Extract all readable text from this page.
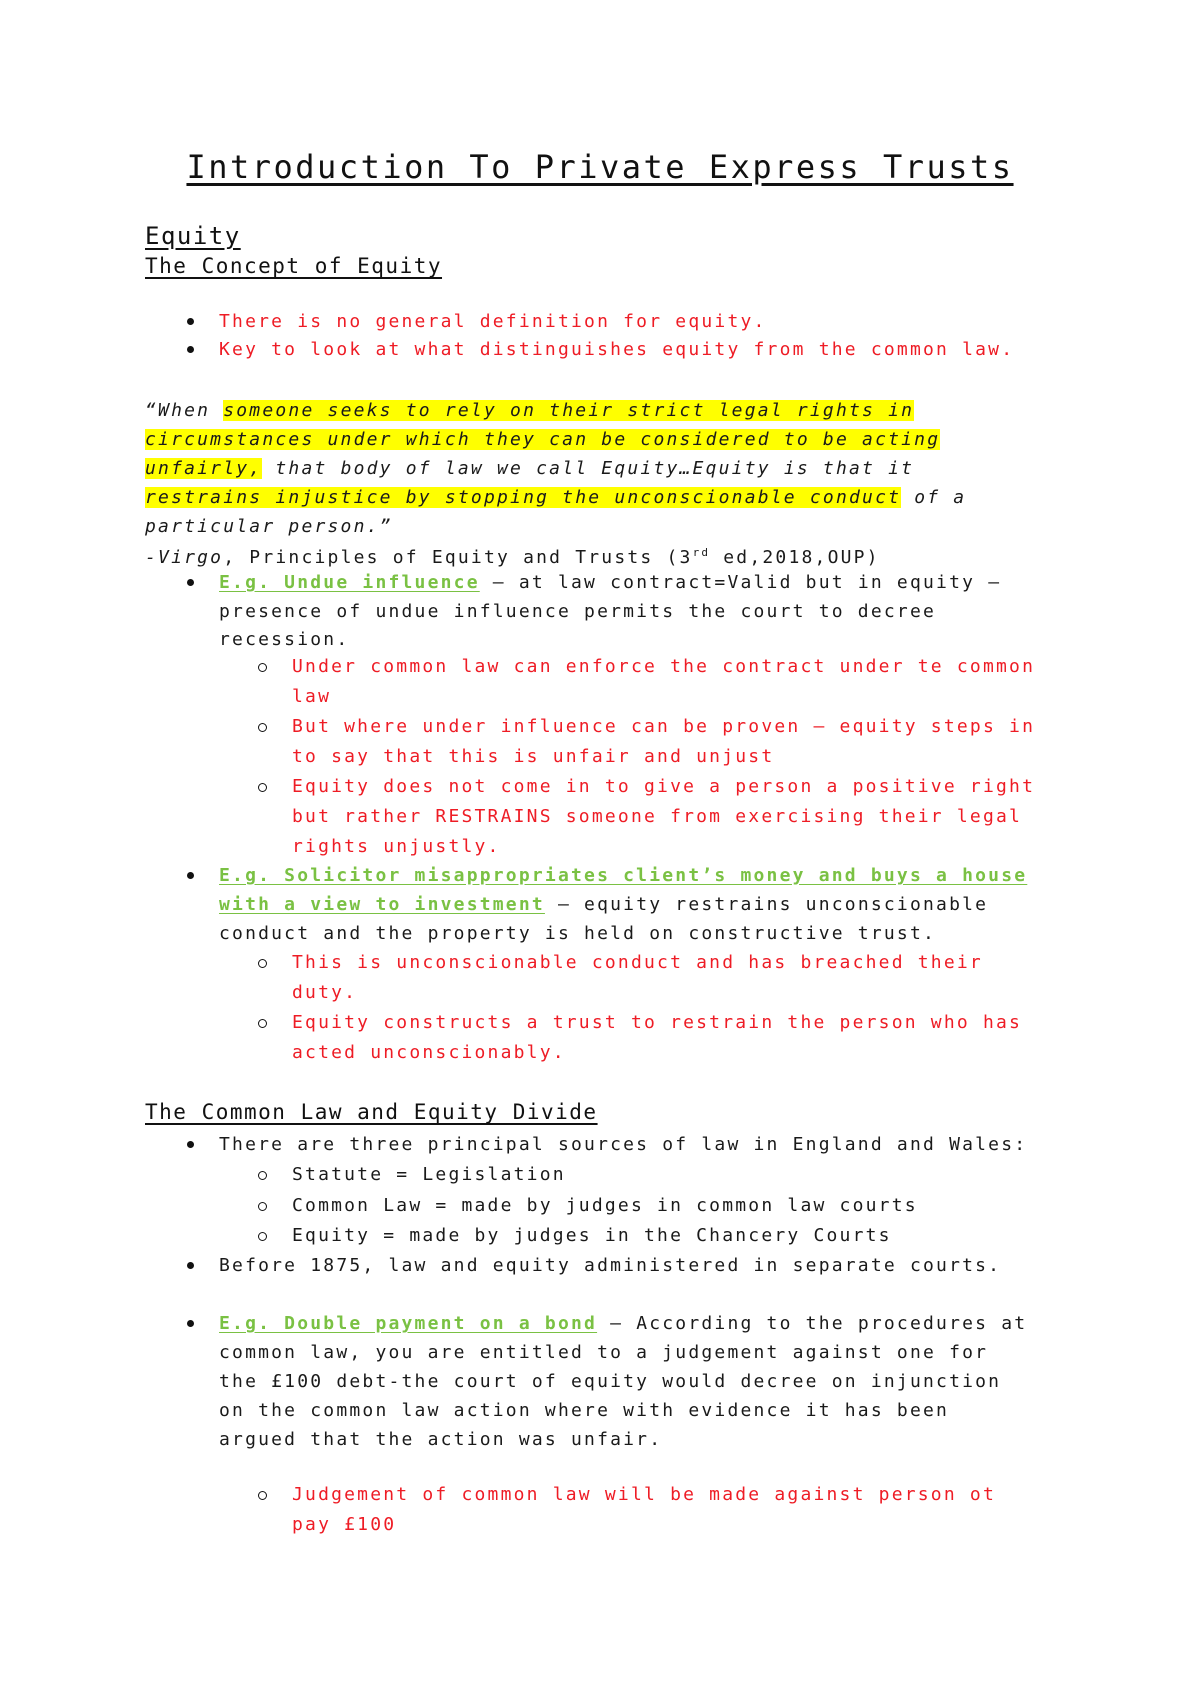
Introduction To Private Express Trusts
Equity
The Concept of Equity
There is no general definition for equity.
Key to look at what distinguishes equity from the common law.
“When someone seeks to rely on their strict legal rights in circumstances under which they can be considered to be acting unfairly, that body of law we call Equity…Equity is that it restrains injustice by stopping the unconscionable conduct of a particular person.”
-Virgo, Principles of Equity and Trusts (3rd ed,2018,OUP)
E.g. Undue influence – at law contract=Valid but in equity –
presence of undue influence permits the court to decree
recession.
Under common law can enforce the contract under te common
law
But where under influence can be proven – equity steps in
to say that this is unfair and unjust
Equity does not come in to give a person a positive right
but rather RESTRAINS someone from exercising their legal
rights unjustly.
E.g. Solicitor misappropriates client’s money and buys a house
with a view to investment – equity restrains unconscionable
conduct and the property is held on constructive trust.
This is unconscionable conduct and has breached their
duty.
Equity constructs a trust to restrain the person who has
acted unconscionably.
The Common Law and Equity Divide
There are three principal sources of law in England and Wales:
Statute = Legislation
Common Law = made by judges in common law courts
Equity = made by judges in the Chancery Courts
Before 1875, law and equity administered in separate courts.
E.g. Double payment on a bond – According to the procedures at
common law, you are entitled to a judgement against one for
the £100 debt-the court of equity would decree on injunction
on the common law action where with evidence it has been
argued that the action was unfair.
Judgement of common law will be made against person ot
pay £100
